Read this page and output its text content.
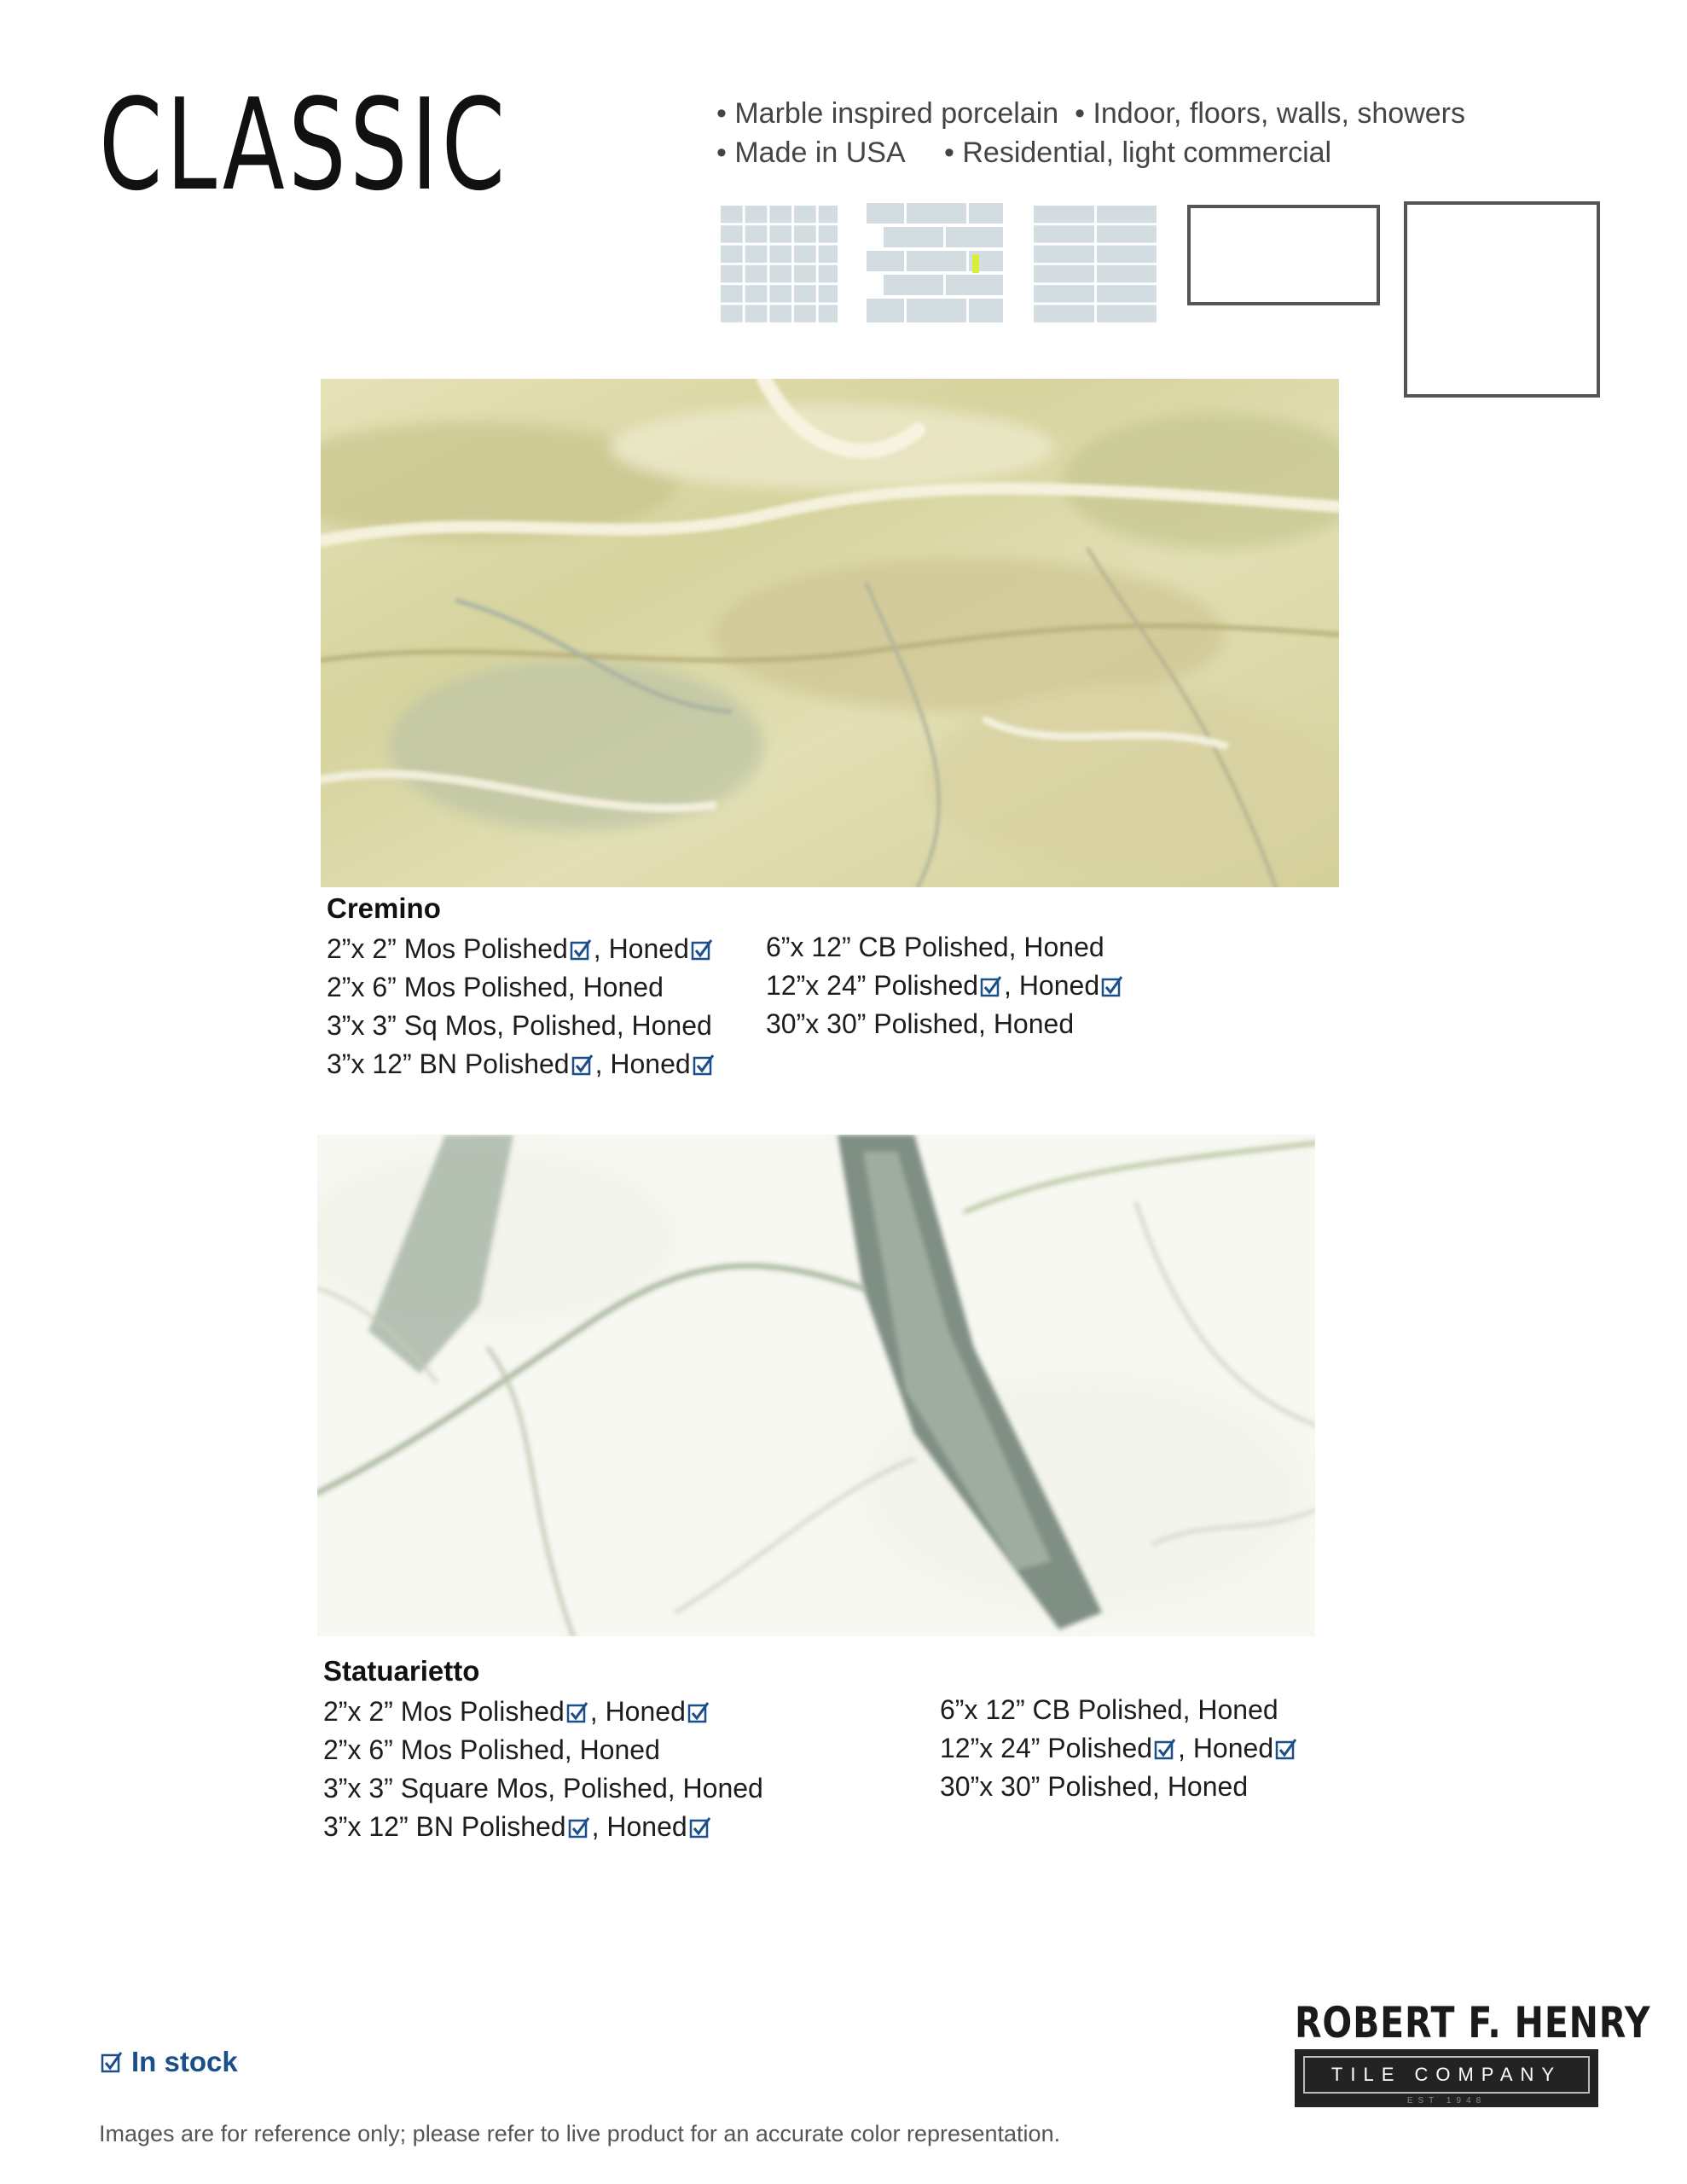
CLASSIC	• Marble inspired porcelain  • Indoor, floors, walls, showers
• Made in USA     • Residential, light commercial
Cremino
2”x 2” Mos Polished , Honed
2”x 6” Mos Polished, Honed
3”x 3” Sq Mos, Polished, Honed
3”x 12” BN Polished , Honed
6”x 12” CB Polished, Honed
12”x 24” Polished , Honed
30”x 30” Polished, Honed
Statuarietto
2”x 2” Mos Polished , Honed
2”x 6” Mos Polished, Honed
3”x 3” Square Mos, Polished, Honed
3”x 12” BN Polished , Honed
6”x 12” CB Polished, Honed
12”x 24” Polished , Honed
30”x 30” Polished, Honed
In stock
Images are for reference only; please refer to live product for an accurate color representation.
ROBERT F. HENRY
TILE COMPANY
EST 1948
